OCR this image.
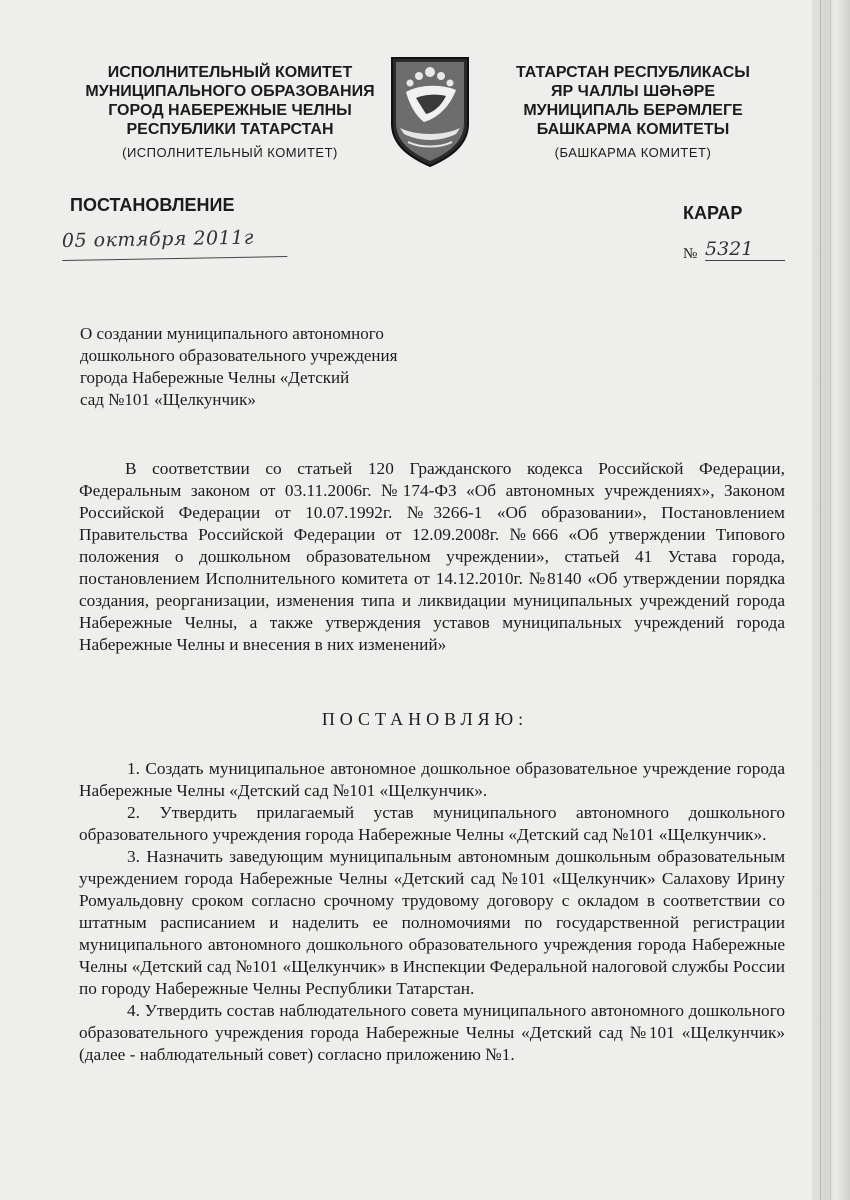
ИСПОЛНИТЕЛЬНЫЙ КОМИТЕТ
МУНИЦИПАЛЬНОГО ОБРАЗОВАНИЯ
ГОРОД НАБЕРЕЖНЫЕ ЧЕЛНЫ
РЕСПУБЛИКИ ТАТАРСТАН
(ИСПОЛНИТЕЛЬНЫЙ КОМИТЕТ)
ТАТАРСТАН РЕСПУБЛИКАСЫ
ЯР ЧАЛЛЫ ШӘҺӘРЕ
МУНИЦИПАЛЬ БЕРӘМЛЕГЕ
БАШКАРМА КОМИТЕТЫ
(БАШКАРМА КОМИТЕТ)
ПОСТАНОВЛЕНИЕ	КАРАР
05 октября 2011г
№ 5321
О создании муниципального автономного
дошкольного образовательного учреждения
города Набережные Челны «Детский
сад №101 «Щелкунчик»

В соответствии со статьей 120 Гражданского кодекса Российской Федерации, Федеральным законом от 03.11.2006г. №174-ФЗ «Об автономных учреждениях», Законом Российской Федерации от 10.07.1992г. №3266-1 «Об образовании», Постановлением Правительства Российской Федерации от 12.09.2008г. №666 «Об утверждении Типового положения о дошкольном образовательном учреждении», статьей 41 Устава города, постановлением Исполнительного комитета от 14.12.2010г. №8140 «Об утверждении порядка создания, реорганизации, изменения типа и ликвидации муниципальных учреждений города Набережные Челны, а также утверждения уставов муниципальных учреждений города Набережные Челны и внесения в них изменений»

ПОСТАНОВЛЯЮ:

1. Создать муниципальное автономное дошкольное образовательное учреждение города Набережные Челны «Детский сад №101 «Щелкунчик».

2. Утвердить прилагаемый устав муниципального автономного дошкольного образовательного учреждения города Набережные Челны «Детский сад №101 «Щелкунчик».

3. Назначить заведующим муниципальным автономным дошкольным образовательным учреждением города Набережные Челны «Детский сад №101 «Щелкунчик» Салахову Ирину Ромуальдовну сроком согласно срочному трудовому договору с окладом в соответствии со штатным расписанием и наделить ее полномочиями по государственной регистрации муниципального автономного дошкольного образовательного учреждения города Набережные Челны «Детский сад №101 «Щелкунчик» в Инспекции Федеральной налоговой службы России по городу Набережные Челны Республики Татарстан.

4. Утвердить состав наблюдательного совета муниципального автономного дошкольного образовательного учреждения города Набережные Челны «Детский сад №101 «Щелкунчик» (далее - наблюдательный совет) согласно приложению №1.
